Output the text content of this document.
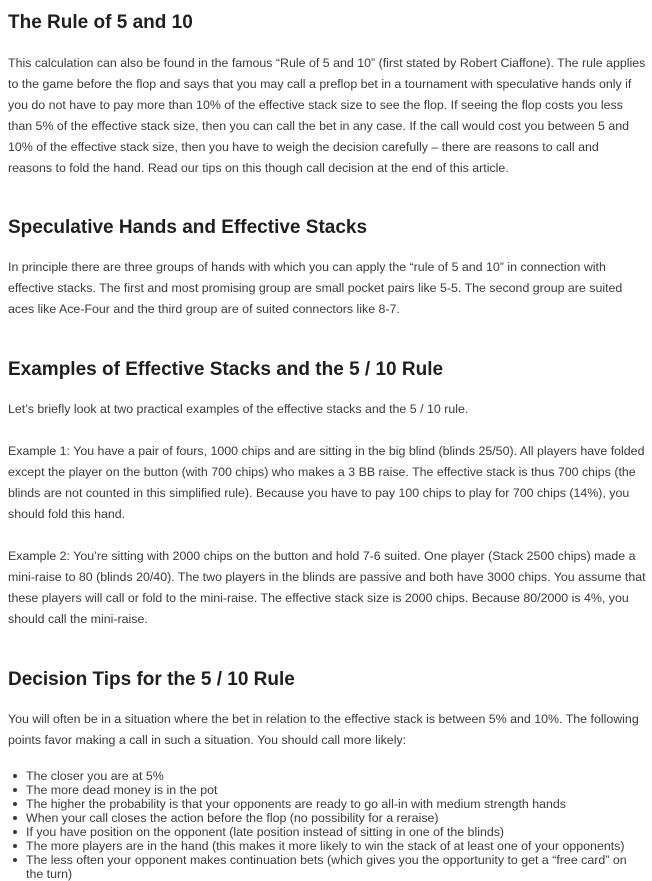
The Rule of 5 and 10

This calculation can also be found in the famous “Rule of 5 and 10” (first stated by Robert Ciaffone). The rule applies to the game before the flop and says that you may call a preflop bet in a tournament with speculative hands only if you do not have to pay more than 10% of the effective stack size to see the flop. If seeing the flop costs you less than 5% of the effective stack size, then you can call the bet in any case. If the call would cost you between 5 and 10% of the effective stack size, then you have to weigh the decision carefully – there are reasons to call and reasons to fold the hand. Read our tips on this though call decision at the end of this article.

Speculative Hands and Effective Stacks

In principle there are three groups of hands with which you can apply the “rule of 5 and 10” in connection with effective stacks. The first and most promising group are small pocket pairs like 5-5. The second group are suited aces like Ace-Four and the third group are of suited connectors like 8-7.

Examples of Effective Stacks and the 5 / 10 Rule

Let’s briefly look at two practical examples of the effective stacks and the 5 / 10 rule.

Example 1: You have a pair of fours, 1000 chips and are sitting in the big blind (blinds 25/50). All players have folded except the player on the button (with 700 chips) who makes a 3 BB raise. The effective stack is thus 700 chips (the blinds are not counted in this simplified rule). Because you have to pay 100 chips to play for 700 chips (14%), you should fold this hand.

Example 2: You’re sitting with 2000 chips on the button and hold 7-6 suited. One player (Stack 2500 chips) made a mini-raise to 80 (blinds 20/40). The two players in the blinds are passive and both have 3000 chips. You assume that these players will call or fold to the mini-raise. The effective stack size is 2000 chips. Because 80/2000 is 4%, you should call the mini-raise.

Decision Tips for the 5 / 10 Rule

You will often be in a situation where the bet in relation to the effective stack is between 5% and 10%. The following points favor making a call in such a situation. You should call more likely:

The closer you are at 5%
The more dead money is in the pot
The higher the probability is that your opponents are ready to go all-in with medium strength hands
When your call closes the action before the flop (no possibility for a reraise)
If you have position on the opponent (late position instead of sitting in one of the blinds)
The more players are in the hand (this makes it more likely to win the stack of at least one of your opponents)
The less often your opponent makes continuation bets (which gives you the opportunity to get a “free card” on the turn)
